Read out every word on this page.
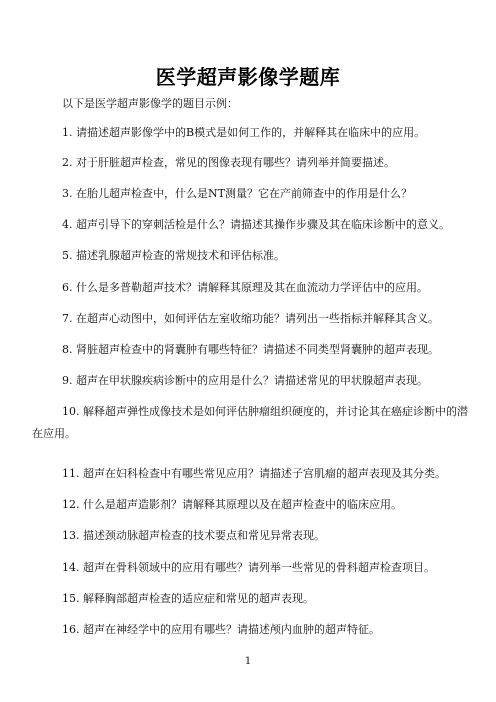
医学超声影像学题库
以下是医学超声影像学的题目示例：
1. 请描述超声影像学中的B模式是如何工作的，并解释其在临床中的应用。
2. 对于肝脏超声检查，常见的图像表现有哪些？请列举并简要描述。
3. 在胎儿超声检查中，什么是NT测量？它在产前筛查中的作用是什么？
4. 超声引导下的穿刺活检是什么？请描述其操作步骤及其在临床诊断中的意义。
5. 描述乳腺超声检查的常规技术和评估标准。
6. 什么是多普勒超声技术？请解释其原理及其在血流动力学评估中的应用。
7. 在超声心动图中，如何评估左室收缩功能？请列出一些指标并解释其含义。
8. 肾脏超声检查中的肾囊肿有哪些特征？请描述不同类型肾囊肿的超声表现。
9. 超声在甲状腺疾病诊断中的应用是什么？请描述常见的甲状腺超声表现。
10. 解释超声弹性成像技术是如何评估肿瘤组织硬度的，并讨论其在癌症诊断中的潜在应用。
11. 超声在妇科检查中有哪些常见应用？请描述子宫肌瘤的超声表现及其分类。
12. 什么是超声造影剂？请解释其原理以及在超声检查中的临床应用。
13. 描述颈动脉超声检查的技术要点和常见异常表现。
14. 超声在骨科领域中的应用有哪些？请列举一些常见的骨科超声检查项目。
15. 解释胸部超声检查的适应症和常见的超声表现。
16. 超声在神经学中的应用有哪些？请描述颅内血肿的超声特征。
1
